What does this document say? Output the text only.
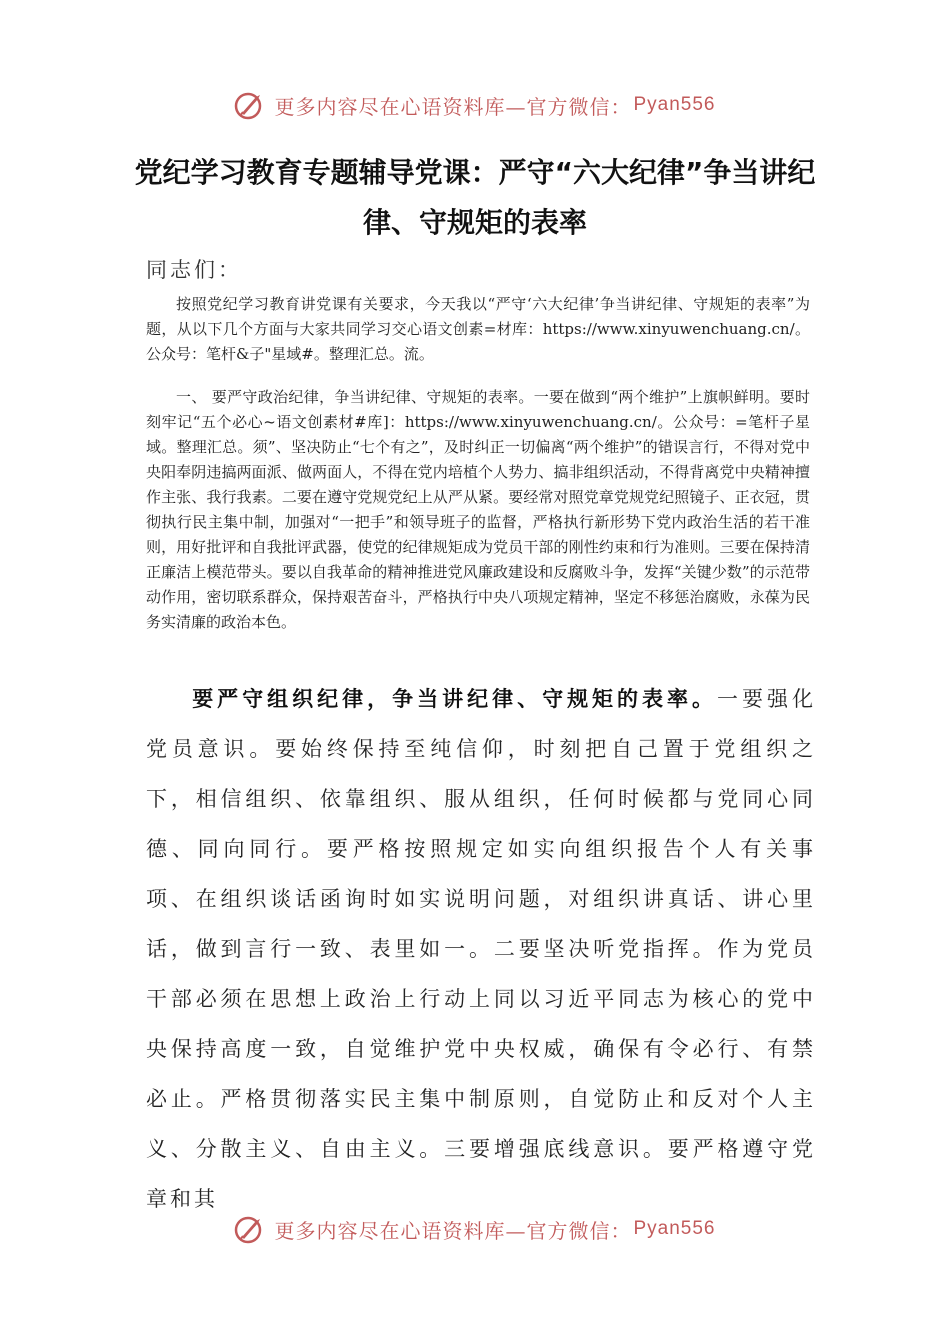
更多内容尽在心语资料库—官方微信： Pyan556
党纪学习教育专题辅导党课：严守“六大纪律”争当讲纪律、守规矩的表率
同志们：

按照党纪学习教育讲党课有关要求，今天我以“严守‘六大纪律’争当讲纪律、守规矩的表率”为题，从以下几个方面与大家共同学习交心语文创素=材库：https://www.xinyuwenchuang.cn/。公众号：笔杆&子"星域#。整理汇总。流。

一、 要严守政治纪律，争当讲纪律、守规矩的表率。一要在做到“两个维护”上旗帜鲜明。要时刻牢记“五个必心~语文创素材#库]：https://www.xinyuwenchuang.cn/。公众号：=笔杆子星域。整理汇总。须”、坚决防止“七个有之”，及时纠正一切偏离“两个维护”的错误言行，不得对党中央阳奉阴违搞两面派、做两面人，不得在党内培植个人势力、搞非组织活动，不得背离党中央精神擅作主张、我行我素。二要在遵守党规党纪上从严从紧。要经常对照党章党规党纪照镜子、正衣冠，贯彻执行民主集中制，加强对“一把手”和领导班子的监督，严格执行新形势下党内政治生活的若干准则，用好批评和自我批评武器，使党的纪律规矩成为党员干部的刚性约束和行为准则。三要在保持清正廉洁上模范带头。要以自我革命的精神推进党风廉政建设和反腐败斗争，发挥“关键少数”的示范带动作用，密切联系群众，保持艰苦奋斗，严格执行中央八项规定精神，坚定不移惩治腐败，永葆为民务实清廉的政治本色。

要严守组织纪律，争当讲纪律、守规矩的表率。一要强化党员意识。要始终保持至纯信仰，时刻把自己置于党组织之下，相信组织、依靠组织、服从组织，任何时候都与党同心同德、同向同行。要严格按照规定如实向组织报告个人有关事项、在组织谈话函询时如实说明问题，对组织讲真话、讲心里话，做到言行一致、表里如一。二要坚决听党指挥。作为党员干部必须在思想上政治上行动上同以习近平同志为核心的党中央保持高度一致，自觉维护党中央权威，确保有令必行、有禁必止。严格贯彻落实民主集中制原则，自觉防止和反对个人主义、分散主义、自由主义。三要增强底线意识。要严格遵守党章和其

更多内容尽在心语资料库—官方微信： Pyan556
